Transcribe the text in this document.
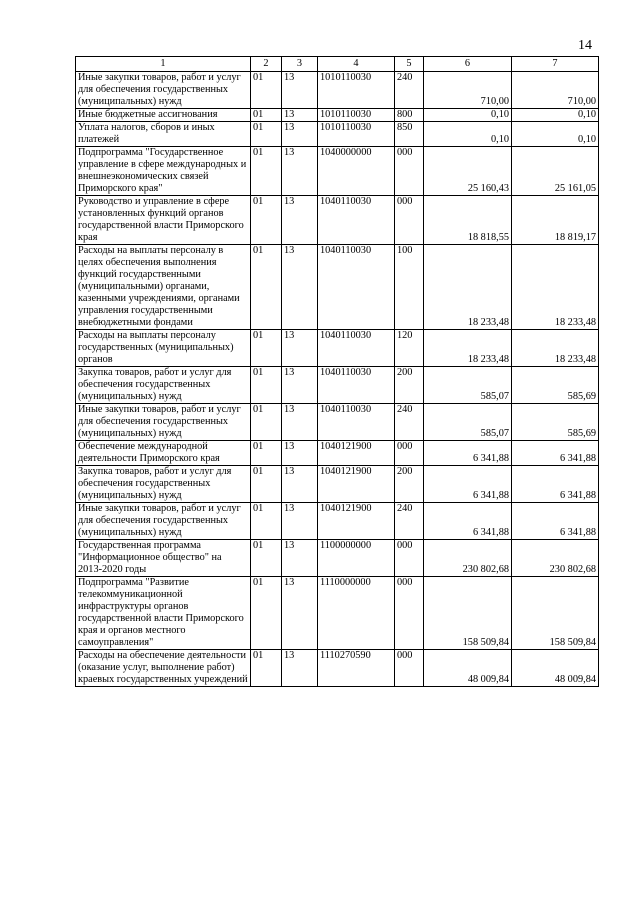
14
1	2	3	4	5	6	7
Иные закупки товаров, работ и услуг для обеспечения государственных (муниципальных) нужд	01	13	1010110030	240	710,00	710,00
Иные бюджетные ассигнования	01	13	1010110030	800	0,10	0,10
Уплата налогов, сборов и иных платежей	01	13	1010110030	850	0,10	0,10
Подпрограмма "Государственное управление в сфере международных и внешнеэкономических связей Приморского края"	01	13	1040000000	000	25 160,43	25 161,05
Руководство и управление в сфере установленных функций органов государственной власти Приморского края	01	13	1040110030	000	18 818,55	18 819,17
Расходы на выплаты персоналу в целях обеспечения выполнения функций государственными (муниципальными) органами, казенными учреждениями, органами управления государственными внебюджетными фондами	01	13	1040110030	100	18 233,48	18 233,48
Расходы на выплаты персоналу государственных (муниципальных) органов	01	13	1040110030	120	18 233,48	18 233,48
Закупка товаров, работ и услуг для обеспечения государственных (муниципальных) нужд	01	13	1040110030	200	585,07	585,69
Иные закупки товаров, работ и услуг для обеспечения государственных (муниципальных) нужд	01	13	1040110030	240	585,07	585,69
Обеспечение международной деятельности Приморского края	01	13	1040121900	000	6 341,88	6 341,88
Закупка товаров, работ и услуг для обеспечения государственных (муниципальных) нужд	01	13	1040121900	200	6 341,88	6 341,88
Иные закупки товаров, работ и услуг для обеспечения государственных (муниципальных) нужд	01	13	1040121900	240	6 341,88	6 341,88
Государственная программа "Информационное общество" на 2013-2020 годы	01	13	1100000000	000	230 802,68	230 802,68
Подпрограмма "Развитие телекоммуникационной инфраструктуры органов государственной власти Приморского края и органов местного самоуправления"	01	13	1110000000	000	158 509,84	158 509,84
Расходы на обеспечение деятельности (оказание услуг, выполнение работ) краевых государственных учреждений	01	13	1110270590	000	48 009,84	48 009,84
